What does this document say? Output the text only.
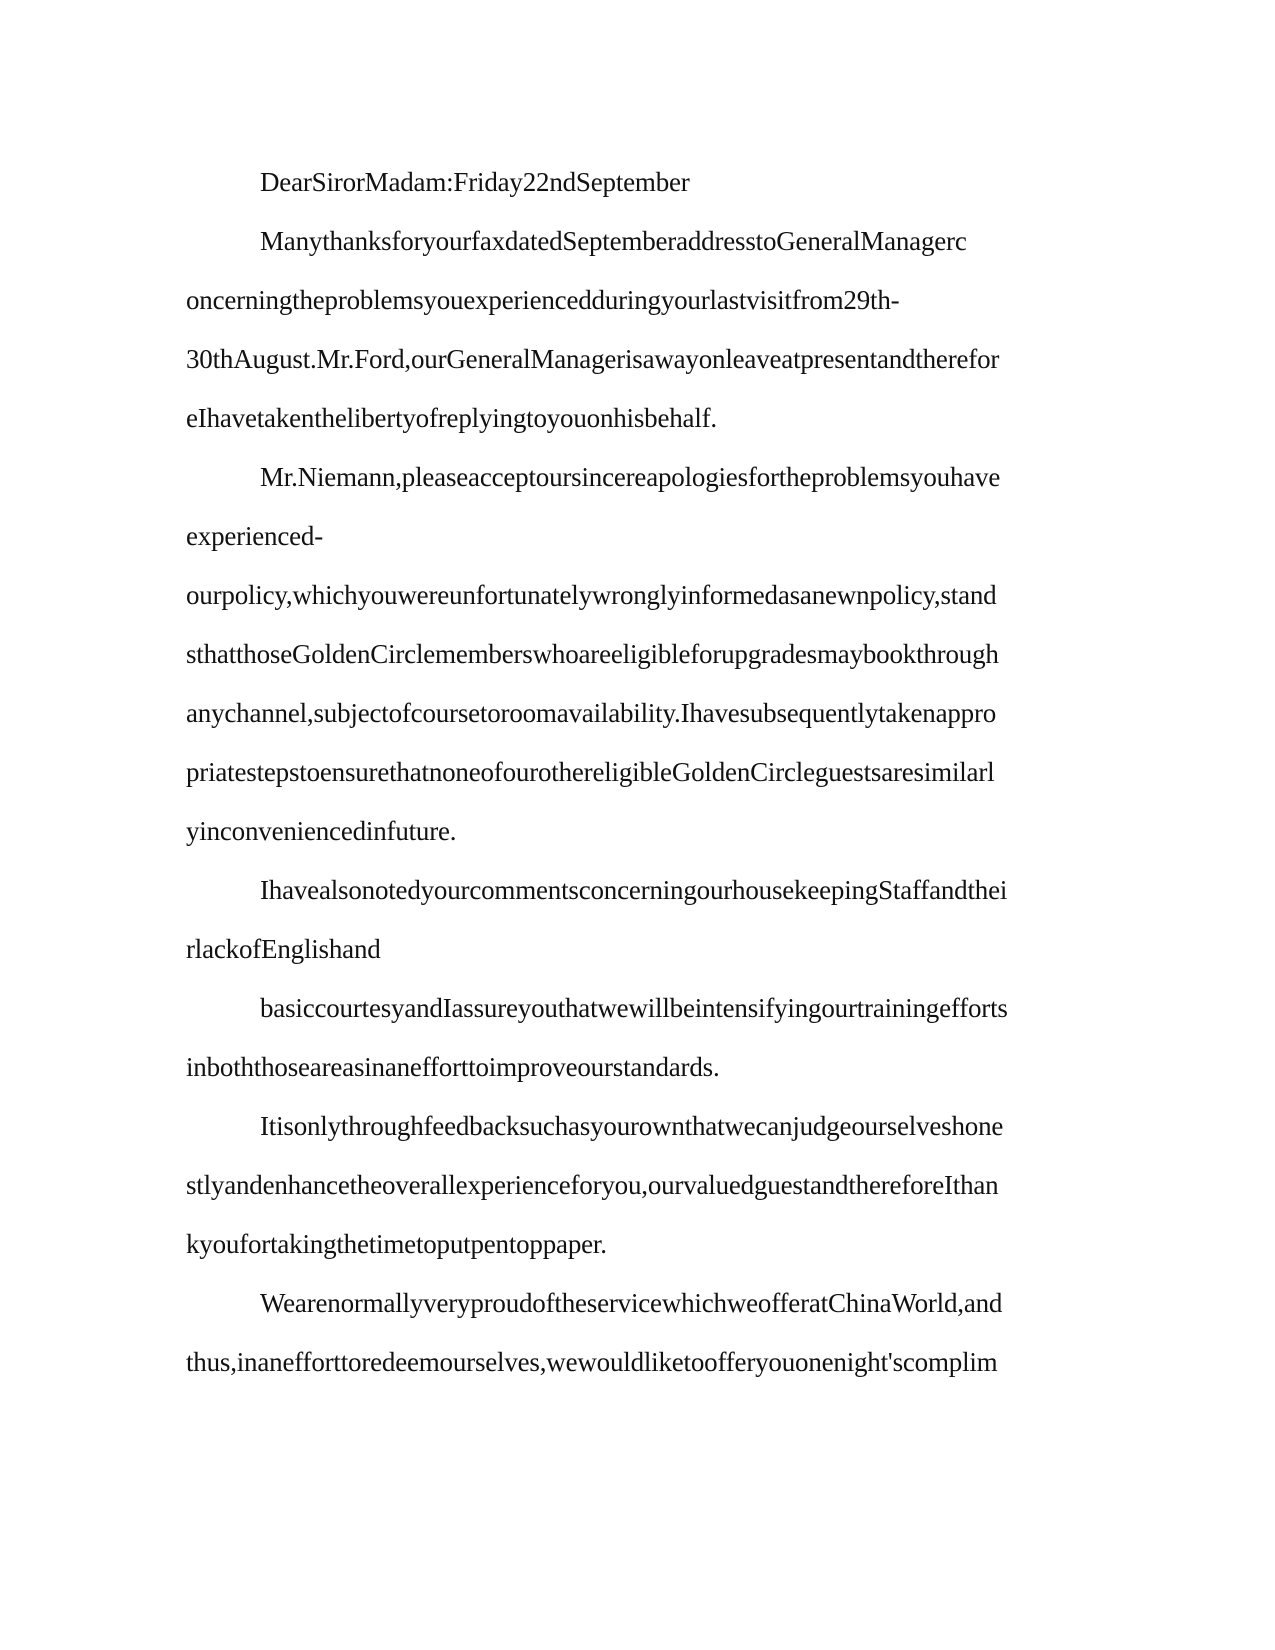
DearSirorMadam:Friday22ndSeptember
ManythanksforyourfaxdatedSeptemberaddresstoGeneralManagerc
oncerningtheproblemsyouexperiencedduringyourlastvisitfrom29th-
30thAugust.Mr.Ford,ourGeneralManagerisawayonleaveatpresentandtherefor
eIhavetakenthelibertyofreplyingtoyouonhisbehalf.
Mr.Niemann,pleaseacceptoursincereapologiesfortheproblemsyouhave
experienced-
ourpolicy,whichyouwereunfortunatelywronglyinformedasanewnpolicy,stand
sthatthoseGoldenCirclememberswhoareeligibleforupgradesmaybookthrough
anychannel,subjectofcoursetoroomavailability.Ihavesubsequentlytakenappro
priatestepstoensurethatnoneofourothereligibleGoldenCircleguestsaresimilarl
yinconveniencedinfuture.
IhavealsonotedyourcommentsconcerningourhousekeepingStaffandthei
rlackofEnglishand
basiccourtesyandIassureyouthatwewillbeintensifyingourtrainingefforts
inboththoseareasinanefforttoimproveourstandards.
Itisonlythroughfeedbacksuchasyourownthatwecanjudgeourselveshone
stlyandenhancetheoverallexperienceforyou,ourvaluedguestandthereforeIthan
kyoufortakingthetimetoputpentoppaper.
WearenormallyveryproudoftheservicewhichweofferatChinaWorld,and
thus,inanefforttoredeemourselves,wewouldliketoofferyouonenight'scomplim
